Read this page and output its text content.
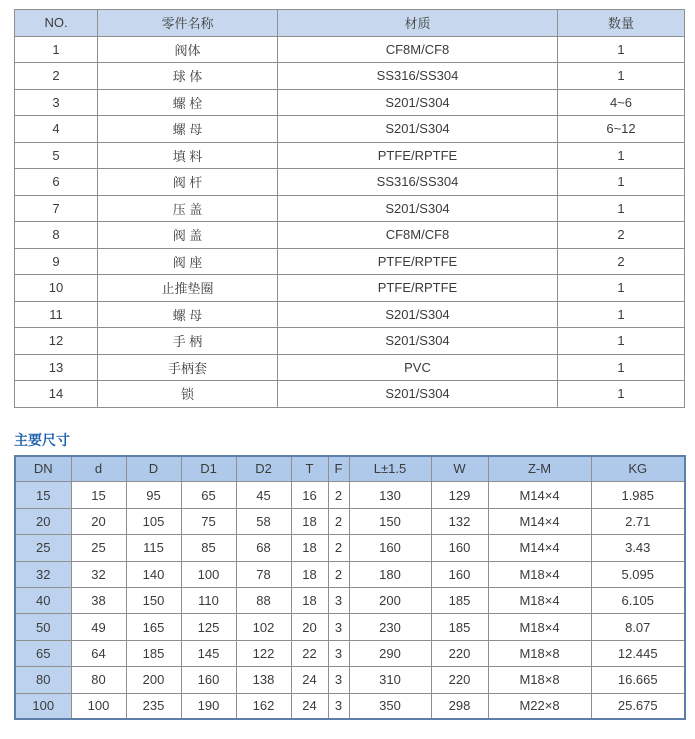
NO.	零件名称	材质	数量
1	阀体	CF8M/CF8	1
2	球 体	SS316/SS304	1
3	螺 栓	S201/S304	4~6
4	螺 母	S201/S304	6~12
5	填 料	PTFE/RPTFE	1
6	阀 杆	SS316/SS304	1
7	压 盖	S201/S304	1
8	阀 盖	CF8M/CF8	2
9	阀 座	PTFE/RPTFE	2
10	止推垫圈	PTFE/RPTFE	1
11	螺 母	S201/S304	1
12	手 柄	S201/S304	1
13	手柄套	PVC	1
14	锁	S201/S304	1
主要尺寸
DN	d	D	D1	D2	T	F	L±1.5	W	Z-M	KG
15	15	95	65	45	16	2	130	129	M14×4	1.985
20	20	105	75	58	18	2	150	132	M14×4	2.71
25	25	115	85	68	18	2	160	160	M14×4	3.43
32	32	140	100	78	18	2	180	160	M18×4	5.095
40	38	150	110	88	18	3	200	185	M18×4	6.105
50	49	165	125	102	20	3	230	185	M18×4	8.07
65	64	185	145	122	22	3	290	220	M18×8	12.445
80	80	200	160	138	24	3	310	220	M18×8	16.665
100	100	235	190	162	24	3	350	298	M22×8	25.675
